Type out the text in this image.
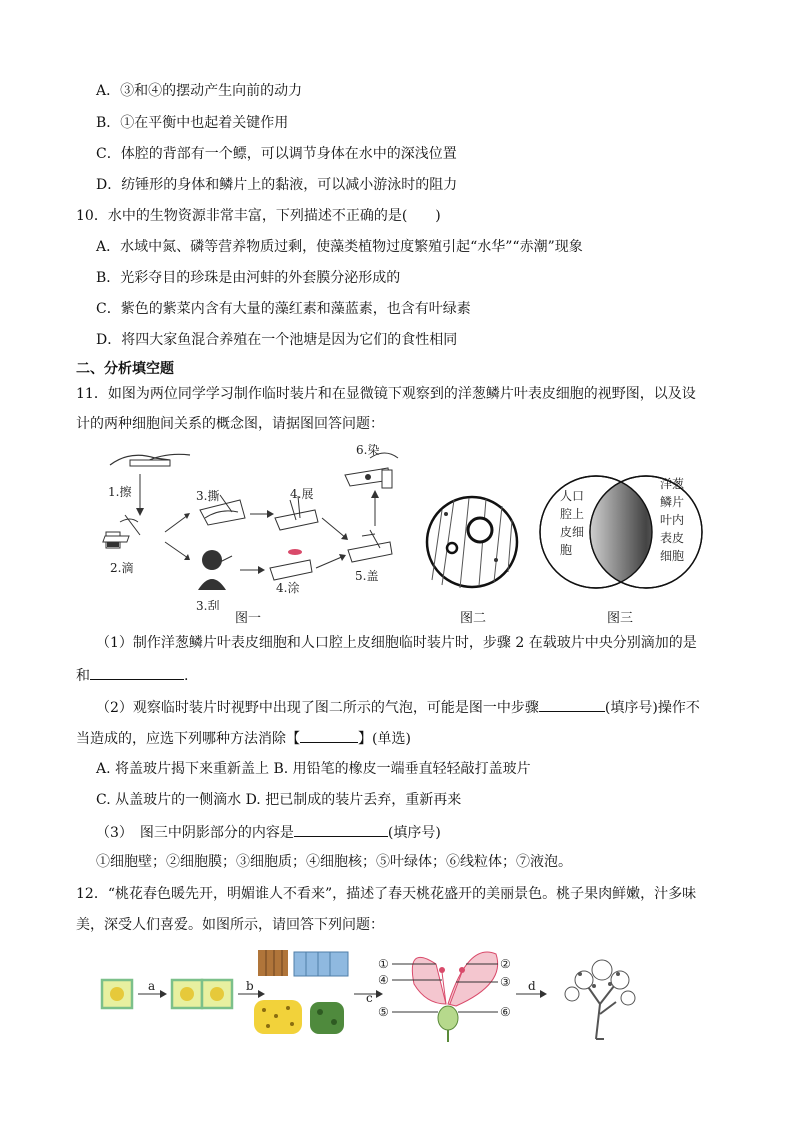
A．③和④的摆动产生向前的动力
B．①在平衡中也起着关键作用
C．体腔的背部有一个鳔，可以调节身体在水中的深浅位置
D．纺锤形的身体和鳞片上的黏液，可以减小游泳时的阻力
10．水中的生物资源非常丰富，下列描述不正确的是(　　)
A．水域中氮、磷等营养物质过剩，使藻类植物过度繁殖引起“水华”“赤潮”现象
B．光彩夺目的珍珠是由河蚌的外套膜分泌形成的
C．紫色的紫菜内含有大量的藻红素和藻蓝素，也含有叶绿素
D．将四大家鱼混合养殖在一个池塘是因为它们的食性相同
二、分析填空题
11．如图为两位同学学习制作临时装片和在显微镜下观察到的洋葱鳞片叶表皮细胞的视野图，以及设
计的两种细胞间关系的概念图，请据图回答问题：
1.擦
2.滴
3.撕	4.展
3.刮
4.涂
5.盖
6.染
人口
腔上
皮细
胞
洋葱
鳞片
叶内
表皮
细胞
图一	图二	图三
（1）制作洋葱鳞片叶表皮细胞和人口腔上皮细胞临时装片时，步骤 2 在载玻片中央分别滴加的是
和	.
（2）观察临时装片时视野中出现了图二所示的气泡，可能是图一中步骤	(填序号)操作不
当造成的，应选下列哪种方法消除【	】(单选)
A. 将盖玻片揭下来重新盖上 B. 用铅笔的橡皮一端垂直轻轻敲打盖玻片
C. 从盖玻片的一侧滴水 D. 把已制成的装片丢弃，重新再来
（3）　图三中阴影部分的内容是	(填序号)
①细胞壁；②细胞膜；③细胞质；④细胞核；⑤叶绿体；⑥线粒体；⑦液泡。
12．“桃花春色暖先开，明媚谁人不看来”，描述了春天桃花盛开的美丽景色。桃子果肉鲜嫩，汁多味
美，深受人们喜爱。如图所示，请回答下列问题：
a	b
c
①	②
③
④
⑤	⑥
d
